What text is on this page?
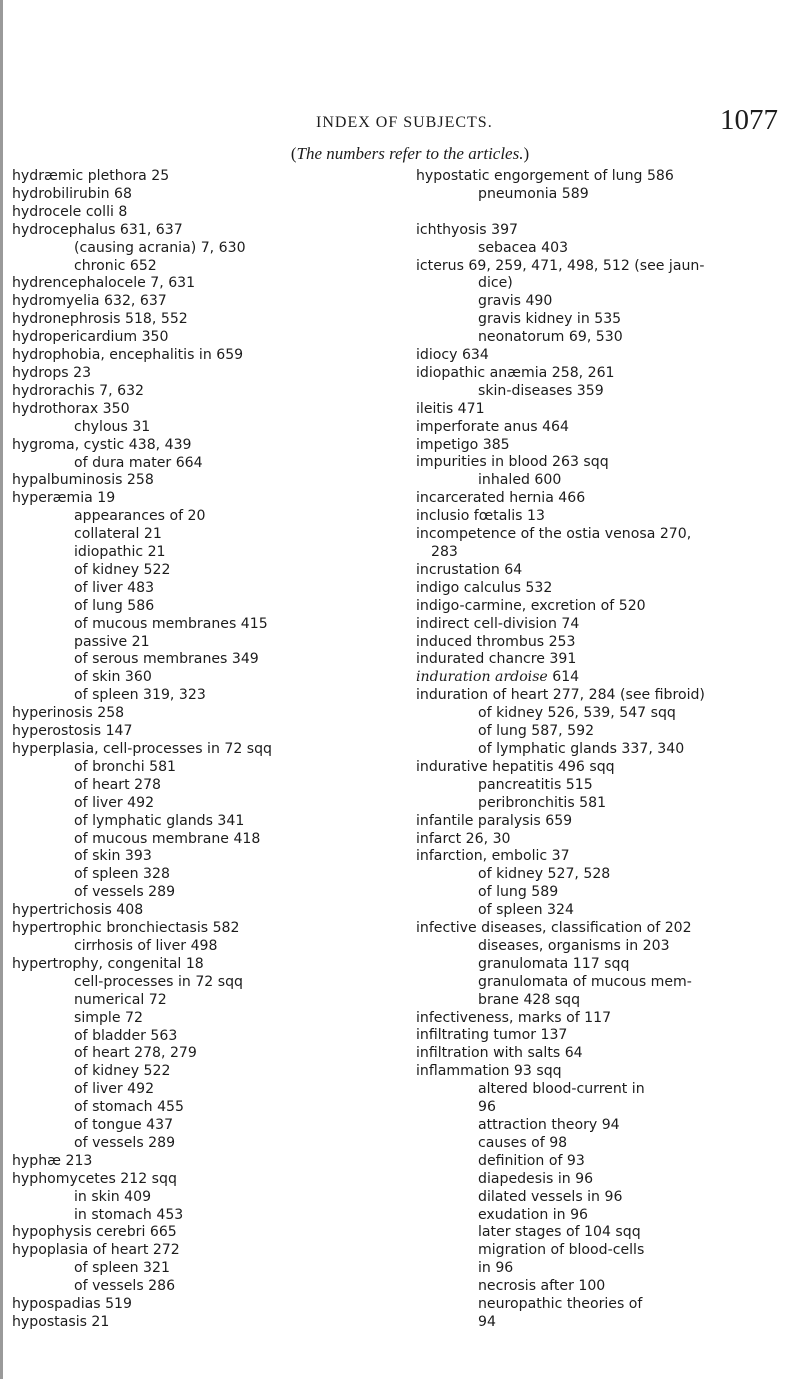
INDEX OF SUBJECTS.	1077
(The numbers refer to the articles.)
hydræmic plethora 25
hydrobilirubin 68
hydrocele colli 8
hydrocephalus 631, 637
(causing acrania) 7, 630
chronic 652
hydrencephalocele 7, 631
hydromyelia 632, 637
hydronephrosis 518, 552
hydropericardium 350
hydrophobia, encephalitis in 659
hydrops 23
hydrorachis 7, 632
hydrothorax 350
chylous 31
hygroma, cystic 438, 439
of dura mater 664
hypalbuminosis 258
hyperæmia 19
appearances of 20
collateral 21
idiopathic 21
of kidney 522
of liver 483
of lung 586
of mucous membranes 415
passive 21
of serous membranes 349
of skin 360
of spleen 319, 323
hyperinosis 258
hyperostosis 147
hyperplasia, cell-processes in 72 sqq
of bronchi 581
of heart 278
of liver 492
of lymphatic glands 341
of mucous membrane 418
of skin 393
of spleen 328
of vessels 289
hypertrichosis 408
hypertrophic bronchiectasis 582
cirrhosis of liver 498
hypertrophy, congenital 18
cell-processes in 72 sqq
numerical 72
simple 72
of bladder 563
of heart 278, 279
of kidney 522
of liver 492
of stomach 455
of tongue 437
of vessels 289
hyphæ 213
hyphomycetes 212 sqq
in skin 409
in stomach 453
hypophysis cerebri 665
hypoplasia of heart 272
of spleen 321
of vessels 286
hypospadias 519
hypostasis 21
hypostatic engorgement of lung 586
pneumonia 589
ichthyosis 397
sebacea 403
icterus 69, 259, 471, 498, 512 (see jaun-
dice)
gravis 490
gravis kidney in 535
neonatorum 69, 530
idiocy 634
idiopathic anæmia 258, 261
skin-diseases 359
ileitis 471
imperforate anus 464
impetigo 385
impurities in blood 263 sqq
inhaled 600
incarcerated hernia 466
inclusio fœtalis 13
incompetence of the ostia venosa 270,
283
incrustation 64
indigo calculus 532
indigo-carmine, excretion of 520
indirect cell-division 74
induced thrombus 253
indurated chancre 391
induration ardoise 614
induration of heart 277, 284 (see fibroid)
of kidney 526, 539, 547 sqq
of lung 587, 592
of lymphatic glands 337, 340
indurative hepatitis 496 sqq
pancreatitis 515
peribronchitis 581
infantile paralysis 659
infarct 26, 30
infarction, embolic 37
of kidney 527, 528
of lung 589
of spleen 324
infective diseases, classification of 202
diseases, organisms in 203
granulomata 117 sqq
granulomata of mucous mem-
brane 428 sqq
infectiveness, marks of 117
infiltrating tumor 137
infiltration with salts 64
inflammation 93 sqq
altered blood-current in
96
attraction theory 94
causes of 98
definition of 93
diapedesis in 96
dilated vessels in 96
exudation in 96
later stages of 104 sqq
migration of blood-cells
in 96
necrosis after 100
neuropathic theories of
94
